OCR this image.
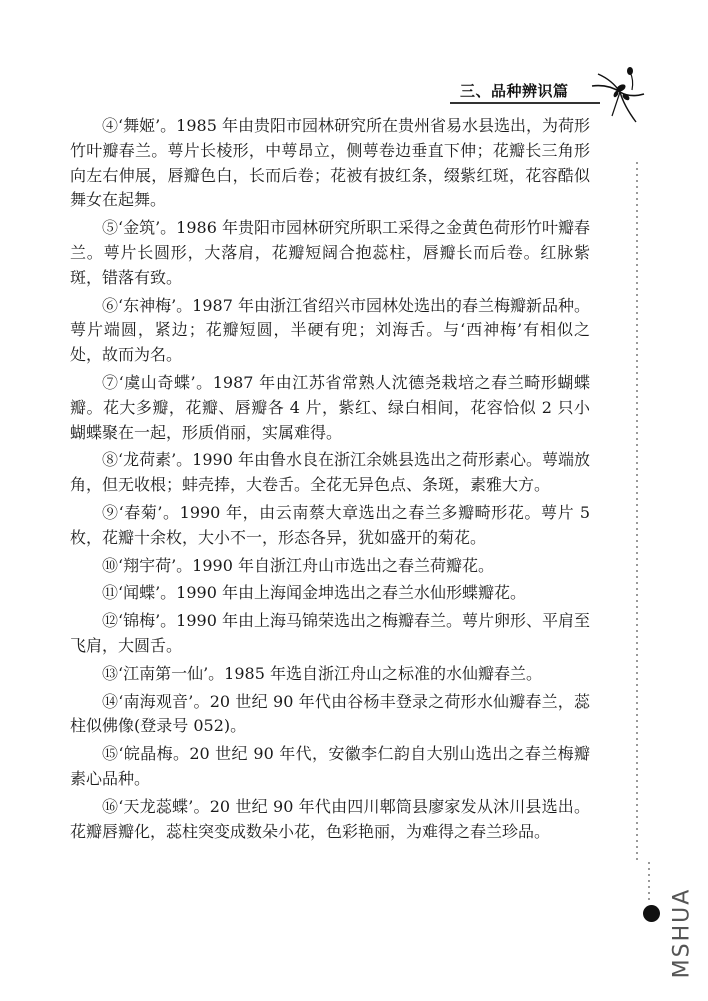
三、品种辨识篇
MSHUA

④‘舞姬’。1985 年由贵阳市园林研究所在贵州省易水县选出，为荷形竹叶瓣春兰。萼片长棱形，中萼昂立，侧萼卷边垂直下伸；花瓣长三角形向左右伸展，唇瓣色白，长而后卷；花被有披红条，缀紫红斑，花容酷似舞女在起舞。

⑤‘金筑’。1986 年贵阳市园林研究所职工采得之金黄色荷形竹叶瓣春兰。萼片长圆形，大落肩，花瓣短阔合抱蕊柱，唇瓣长而后卷。红脉紫斑，错落有致。

⑥‘东神梅’。1987 年由浙江省绍兴市园林处选出的春兰梅瓣新品种。萼片端圆，紧边；花瓣短圆，半硬有兜；刘海舌。与‘西神梅’有相似之处，故而为名。

⑦‘虞山奇蝶’。1987 年由江苏省常熟人沈德尧栽培之春兰畸形蝴蝶瓣。花大多瓣，花瓣、唇瓣各 4 片，紫红、绿白相间，花容恰似 2 只小蝴蝶聚在一起，形质俏丽，实属难得。

⑧‘龙荷素’。1990 年由鲁水良在浙江余姚县选出之荷形素心。萼端放角，但无收根；蚌壳捧，大卷舌。全花无异色点、条斑，素雅大方。

⑨‘春菊’。1990 年，由云南蔡大章选出之春兰多瓣畸形花。萼片 5 枚，花瓣十余枚，大小不一，形态各异，犹如盛开的菊花。

⑩‘翔宇荷’。1990 年自浙江舟山市选出之春兰荷瓣花。

⑪‘闻蝶’。1990 年由上海闻金坤选出之春兰水仙形蝶瓣花。

⑫‘锦梅’。1990 年由上海马锦荣选出之梅瓣春兰。萼片卵形、平肩至飞肩，大圆舌。

⑬‘江南第一仙’。1985 年选自浙江舟山之标准的水仙瓣春兰。

⑭‘南海观音’。20 世纪 90 年代由谷杨丰登录之荷形水仙瓣春兰，蕊柱似佛像(登录号 052)。

⑮‘皖晶梅。20 世纪 90 年代，安徽李仁韵自大别山选出之春兰梅瓣素心品种。

⑯‘天龙蕊蝶’。20 世纪 90 年代由四川郫筒县廖家发从沐川县选出。花瓣唇瓣化，蕊柱突变成数朵小花，色彩艳丽，为难得之春兰珍品。
